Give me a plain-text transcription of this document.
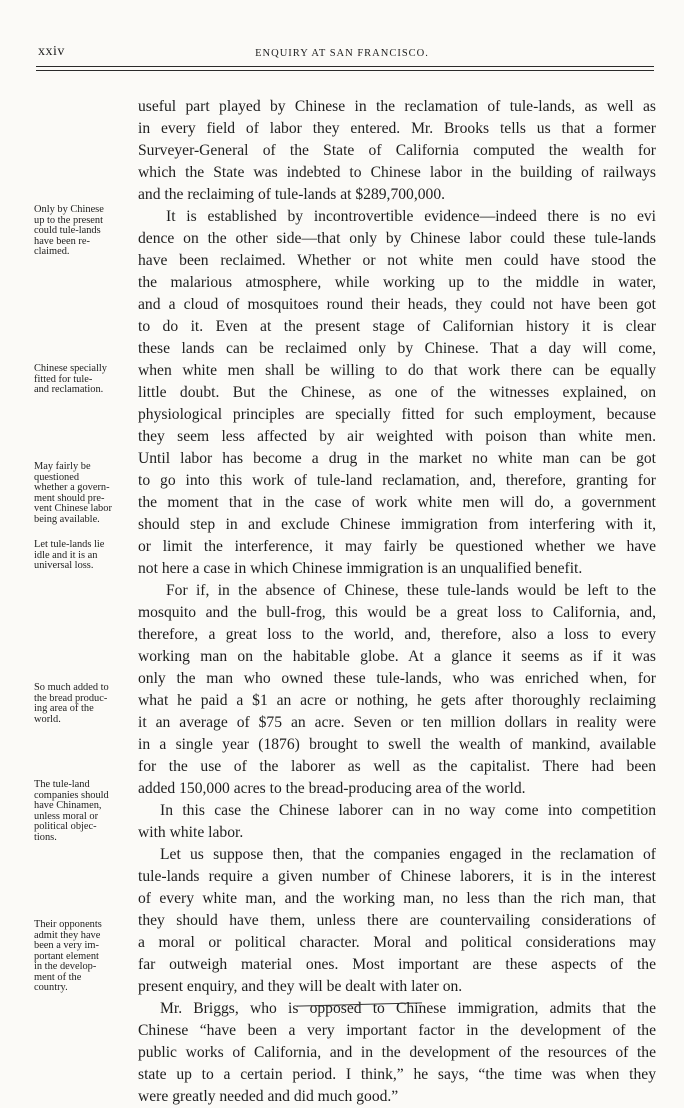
xxiv	ENQUIRY AT SAN FRANCISCO.
useful part played by Chinese in the reclamation of tule-lands, as well as
in every field of labor they entered. Mr. Brooks tells us that a former
Surveyer-General of the State of California computed the wealth for
which the State was indebted to Chinese labor in the building of railways
and the reclaiming of tule-lands at $289,700,000.
It is established by incontrovertible evidence—indeed there is no evi
dence on the other side—that only by Chinese labor could these tule-lands
have been reclaimed. Whether or not white men could have stood the
the malarious atmosphere, while working up to the middle in water,
and a cloud of mosquitoes round their heads, they could not have been got
to do it. Even at the present stage of Californian history it is clear
these lands can be reclaimed only by Chinese. That a day will come,
when white men shall be willing to do that work there can be equally
little doubt. But the Chinese, as one of the witnesses explained, on
physiological principles are specially fitted for such employment, because
they seem less affected by air weighted with poison than white men.
Until labor has become a drug in the market no white man can be got
to go into this work of tule-land reclamation, and, therefore, granting for
the moment that in the case of work white men will do, a government
should step in and exclude Chinese immigration from interfering with it,
or limit the interference, it may fairly be questioned whether we have
not here a case in which Chinese immigration is an unqualified benefit.
For if, in the absence of Chinese, these tule-lands would be left to the
mosquito and the bull-frog, this would be a great loss to California, and,
therefore, a great loss to the world, and, therefore, also a loss to every
working man on the habitable globe. At a glance it seems as if it was
only the man who owned these tule-lands, who was enriched when, for
what he paid a $1 an acre or nothing, he gets after thoroughly reclaiming
it an average of $75 an acre. Seven or ten million dollars in reality were
in a single year (1876) brought to swell the wealth of mankind, available
for the use of the laborer as well as the capitalist. There had been
added 150,000 acres to the bread-producing area of the world.
In this case the Chinese laborer can in no way come into competition
with white labor.
Let us suppose then, that the companies engaged in the reclamation of
tule-lands require a given number of Chinese laborers, it is in the interest
of every white man, and the working man, no less than the rich man, that
they should have them, unless there are countervailing considerations of
a moral or political character. Moral and political considerations may
far outweigh material ones. Most important are these aspects of the
present enquiry, and they will be dealt with later on.
Mr. Briggs, who is opposed to Chinese immigration, admits that the
Chinese “have been a very important factor in the development of the
public works of California, and in the development of the resources of the
state up to a certain period. I think,” he says, “the time was when they
were greatly needed and did much good.”
Only by Chinese
up to the present
could tule-lands
have been re-
claimed.
Chinese specially
fitted for tule-
and reclamation.
May fairly be
questioned
whether a govern-
ment should pre-
vent Chinese labor
being available.
Let tule-lands lie
idle and it is an
universal loss.
So much added to
the bread produc-
ing area of the
world.
The tule-land
companies should
have Chinamen,
unless moral or
political objec-
tions.
Their opponents
admit they have
been a very im-
portant element
in the develop-
ment of the
country.
